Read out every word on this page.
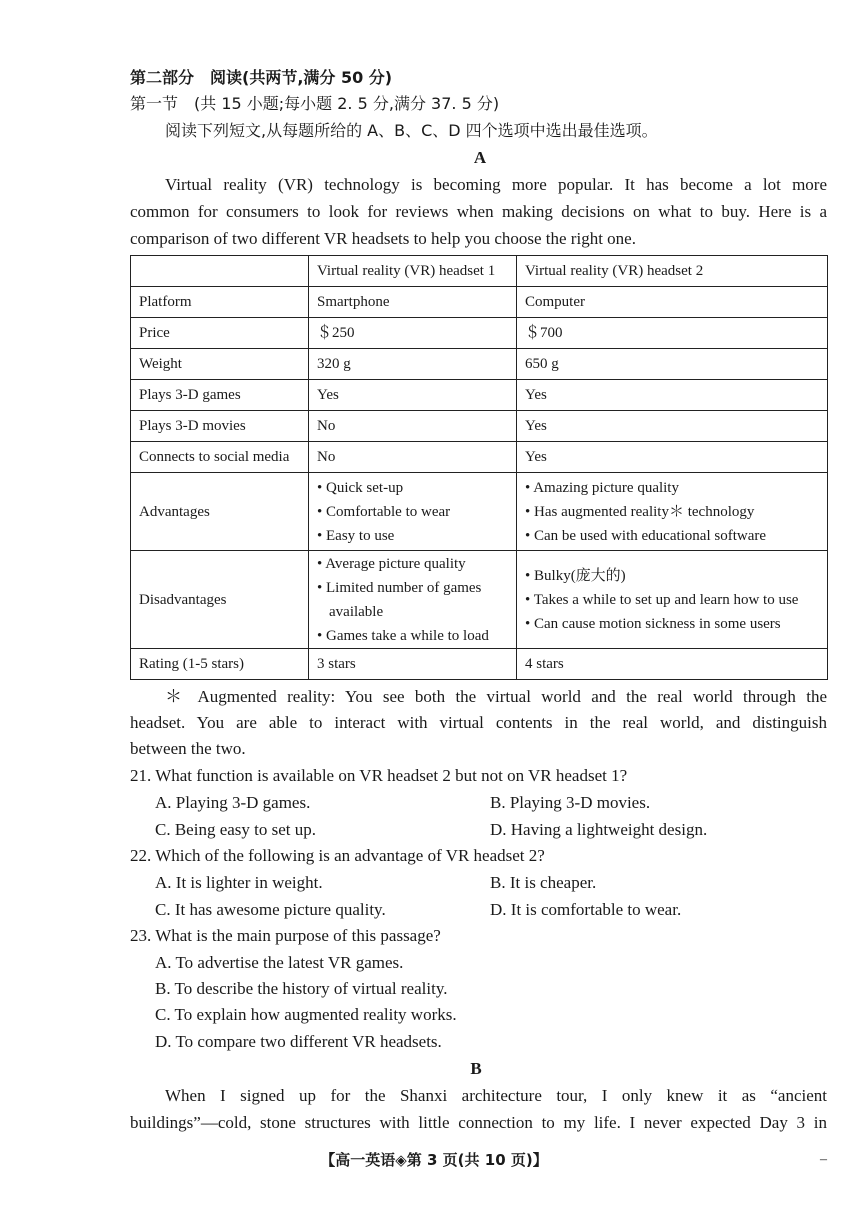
第二部分　阅读(共两节,满分 50 分)
第一节　(共 15 小题;每小题 2. 5 分,满分 37. 5 分)
阅读下列短文,从每题所给的 A、B、C、D 四个选项中选出最佳选项。
A
Virtual reality (VR) technology is becoming more popular. It has become a lot more
common for consumers to look for reviews when making decisions on what to buy. Here is a
comparison of two different VR headsets to help you choose the right one.
	Virtual reality (VR) headset 1	Virtual reality (VR) headset 2
Platform	Smartphone	Computer
Price	＄250	＄700
Weight	320 g	650 g
Plays 3-D games	Yes	Yes
Plays 3-D movies	No	Yes
Connects to social media	No	Yes
Advantages	• Quick set-up
• Comfortable to wear
• Easy to use	• Amazing picture quality
• Has augmented reality＊ technology
• Can be used with educational software

Disadvantages	• Average picture quality
• Limited number of games
available
• Games take a while to load	• Bulky(庞大的)
• Takes a while to set up and learn how to use
• Can cause motion sickness in some users

Rating (1-5 stars)	3 stars	4 stars
＊ Augmented reality: You see both the virtual world and the real world through the
headset. You are able to interact with virtual contents in the real world, and distinguish
between the two.
21. What function is available on VR headset 2 but not on VR headset 1?
A. Playing 3-D games.	B. Playing 3-D movies.
C. Being easy to set up.	D. Having a lightweight design.
22. Which of the following is an advantage of VR headset 2?
A. It is lighter in weight.	B. It is cheaper.
C. It has awesome picture quality.	D. It is comfortable to wear.
23. What is the main purpose of this passage?
A. To advertise the latest VR games.
B. To describe the history of virtual reality.
C. To explain how augmented reality works.
D. To compare two different VR headsets.
B
When I signed up for the Shanxi architecture tour, I only knew it as “ancient
buildings”—cold, stone structures with little connection to my life. I never expected Day 3 in
【高一英语◈第 3 页(共 10 页)】	–
